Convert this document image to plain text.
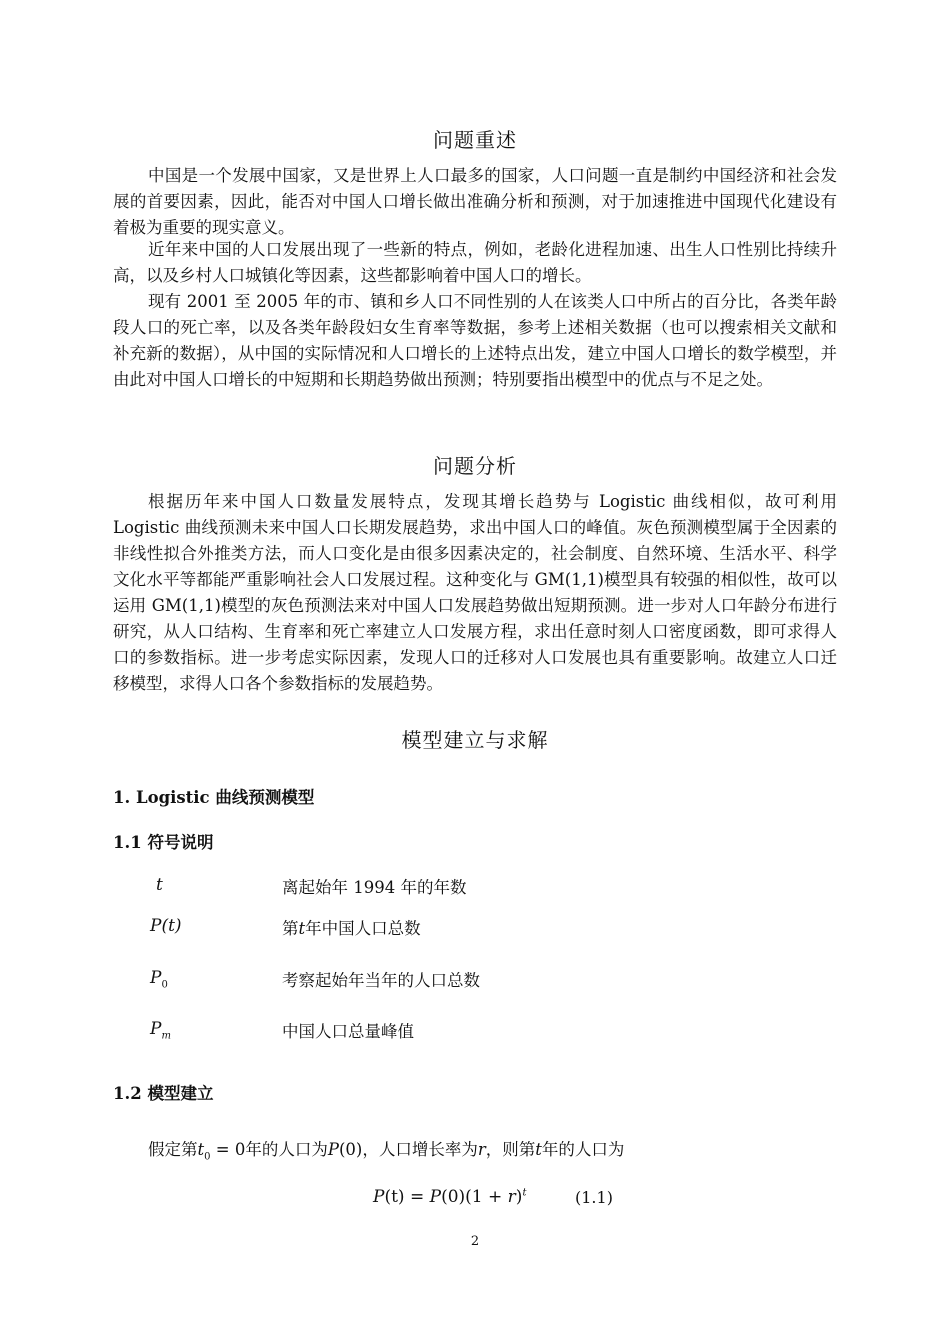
问题重述

中国是一个发展中国家，又是世界上人口最多的国家，人口问题一直是制约中国经济和社会发展的首要因素，因此，能否对中国人口增长做出准确分析和预测，对于加速推进中国现代化建设有着极为重要的现实意义。

近年来中国的人口发展出现了一些新的特点，例如，老龄化进程加速、出生人口性别比持续升高，以及乡村人口城镇化等因素，这些都影响着中国人口的增长。

现有 2001 至 2005 年的市、镇和乡人口不同性别的人在该类人口中所占的百分比，各类年龄段人口的死亡率，以及各类年龄段妇女生育率等数据，参考上述相关数据（也可以搜索相关文献和补充新的数据），从中国的实际情况和人口增长的上述特点出发，建立中国人口增长的数学模型，并由此对中国人口增长的中短期和长期趋势做出预测；特别要指出模型中的优点与不足之处。

问题分析

根据历年来中国人口数量发展特点，发现其增长趋势与 Logistic 曲线相似，故可利用 Logistic 曲线预测未来中国人口长期发展趋势，求出中国人口的峰值。灰色预测模型属于全因素的非线性拟合外推类方法，而人口变化是由很多因素决定的，社会制度、自然环境、生活水平、科学文化水平等都能严重影响社会人口发展过程。这种变化与 GM(1,1)模型具有较强的相似性，故可以运用 GM(1,1)模型的灰色预测法来对中国人口发展趋势做出短期预测。进一步对人口年龄分布进行研究，从人口结构、生育率和死亡率建立人口发展方程，求出任意时刻人口密度函数，即可求得人口的参数指标。进一步考虑实际因素，发现人口的迁移对人口发展也具有重要影响。故建立人口迁移模型，求得人口各个参数指标的发展趋势。

模型建立与求解
1. Logistic 曲线预测模型
1.1 符号说明
t	离起始年 1994 年的年数
P(t)	第t年中国人口总数
$P_0$	考察起始年当年的人口总数
$P_m$	中国人口总量峰值
1.2 模型建立
假定第$t_0 = 0$年的人口为P(0)，人口增长率为r，则第t年的人口为
$P(t) = P(0)(1 + r)^t$	(1.1)
2
